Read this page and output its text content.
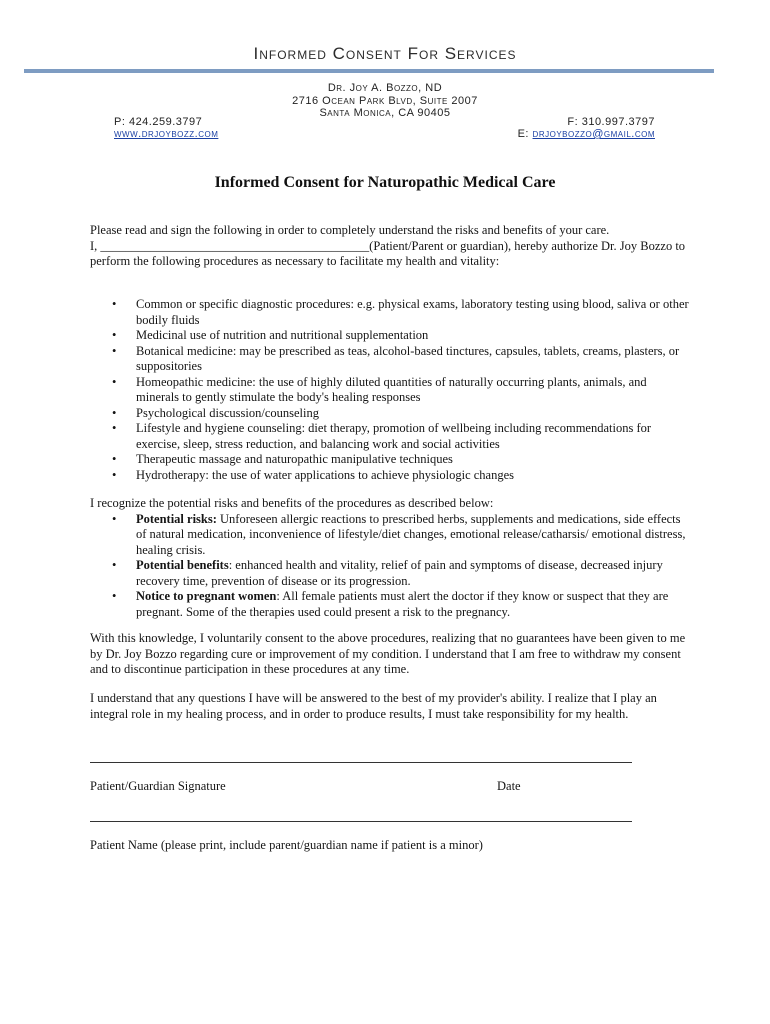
Informed Consent For Services
Dr. Joy A. Bozzo, ND
2716 Ocean Park Blvd, Suite 2007
Santa Monica, CA 90405
P: 424.259.3797	F: 310.997.3797
www.drjoybozz.com	E: drjoybozzo@gmail.com
Informed Consent for Naturopathic Medical Care

Please read and sign the following in order to completely understand the risks and benefits of your care.

I, ___________________________________________(Patient/Parent or guardian), hereby authorize Dr. Joy Bozzo to perform the following procedures as necessary to facilitate my health and vitality:

• Common or specific diagnostic procedures: e.g. physical exams, laboratory testing using blood, saliva or other bodily fluids
• Medicinal use of nutrition and nutritional supplementation
• Botanical medicine: may be prescribed as teas, alcohol-based tinctures, capsules, tablets, creams, plasters, or suppositories
• Homeopathic medicine: the use of highly diluted quantities of naturally occurring plants, animals, and minerals to gently stimulate the body's healing responses
• Psychological discussion/counseling
• Lifestyle and hygiene counseling: diet therapy, promotion of wellbeing including recommendations for exercise, sleep, stress reduction, and balancing work and social activities
• Therapeutic massage and naturopathic manipulative techniques
• Hydrotherapy: the use of water applications to achieve physiologic changes

I recognize the potential risks and benefits of the procedures as described below:

• Potential risks: Unforeseen allergic reactions to prescribed herbs, supplements and medications, side effects of natural medication, inconvenience of lifestyle/diet changes, emotional release/catharsis/ emotional distress, healing crisis.
• Potential benefits: enhanced health and vitality, relief of pain and symptoms of disease, decreased injury recovery time, prevention of disease or its progression.
• Notice to pregnant women: All female patients must alert the doctor if they know or suspect that they are pregnant. Some of the therapies used could present a risk to the pregnancy.
With this knowledge, I voluntarily consent to the above procedures, realizing that no guarantees have been given to me by Dr. Joy Bozzo regarding cure or improvement of my condition. I understand that I am free to withdraw my consent and to discontinue participation in these procedures at any time.
I understand that any questions I have will be answered to the best of my provider's ability. I realize that I play an integral role in my healing process, and in order to produce results, I must take responsibility for my health.
Patient/Guardian Signature	Date
Patient Name (please print, include parent/guardian name if patient is a minor)
